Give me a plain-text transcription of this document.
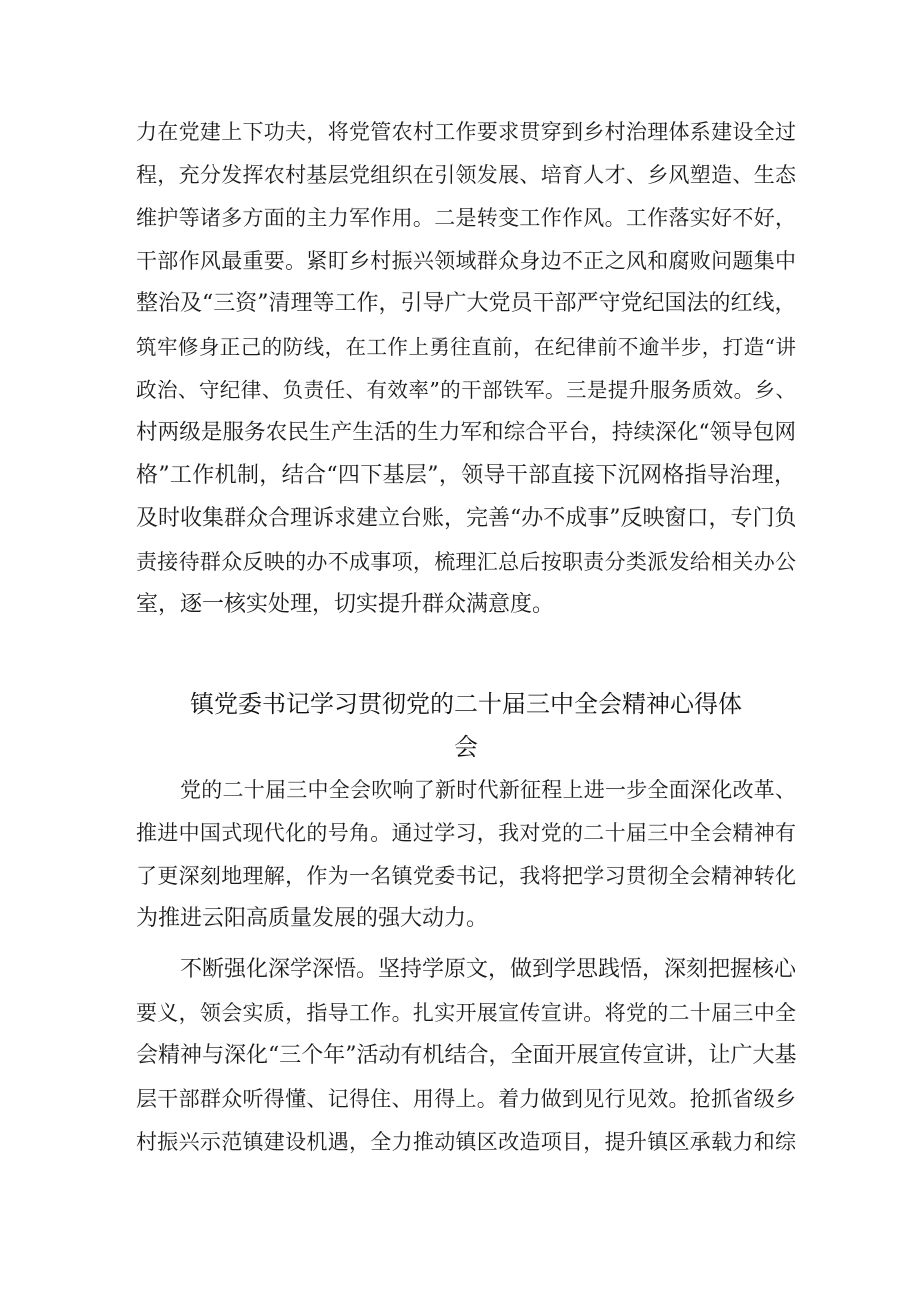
力在党建上下功夫，将党管农村工作要求贯穿到乡村治理体系建设全过
程，充分发挥农村基层党组织在引领发展、培育人才、乡风塑造、生态
维护等诸多方面的主力军作用。二是转变工作作风。工作落实好不好，
干部作风最重要。紧盯乡村振兴领域群众身边不正之风和腐败问题集中
整治及“三资”清理等工作，引导广大党员干部严守党纪国法的红线，
筑牢修身正己的防线，在工作上勇往直前，在纪律前不逾半步，打造“讲
政治、守纪律、负责任、有效率”的干部铁军。三是提升服务质效。乡、
村两级是服务农民生产生活的生力军和综合平台，持续深化“领导包网
格”工作机制，结合“四下基层”，领导干部直接下沉网格指导治理，
及时收集群众合理诉求建立台账，完善“办不成事”反映窗口，专门负
责接待群众反映的办不成事项，梳理汇总后按职责分类派发给相关办公
室，逐一核实处理，切实提升群众满意度。
镇党委书记学习贯彻党的二十届三中全会精神心得体
会
党的二十届三中全会吹响了新时代新征程上进一步全面深化改革、
推进中国式现代化的号角。通过学习，我对党的二十届三中全会精神有
了更深刻地理解，作为一名镇党委书记，我将把学习贯彻全会精神转化
为推进云阳高质量发展的强大动力。
不断强化深学深悟。坚持学原文，做到学思践悟，深刻把握核心
要义，领会实质，指导工作。扎实开展宣传宣讲。将党的二十届三中全
会精神与深化“三个年”活动有机结合，全面开展宣传宣讲，让广大基
层干部群众听得懂、记得住、用得上。着力做到见行见效。抢抓省级乡
村振兴示范镇建设机遇，全力推动镇区改造项目，提升镇区承载力和综
